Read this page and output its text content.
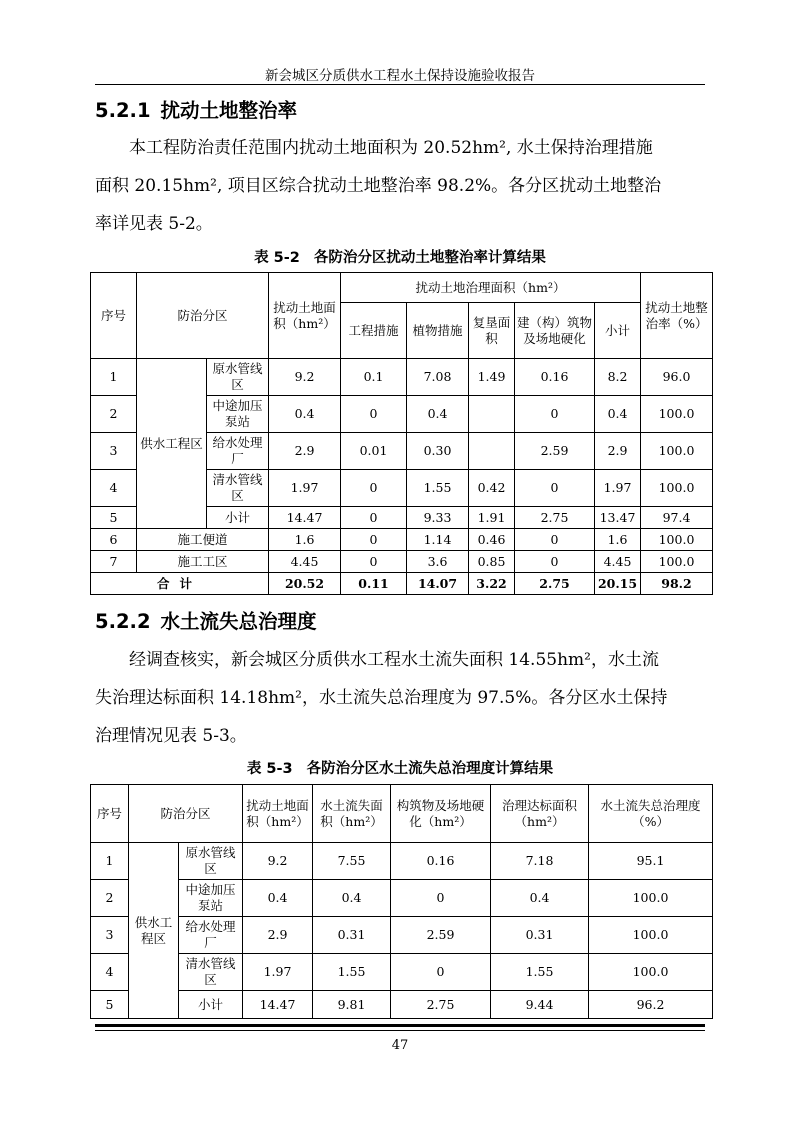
新会城区分质供水工程水土保持设施验收报告
5.2.1 扰动土地整治率
本工程防治责任范围内扰动土地面积为 20.52hm², 水土保持治理措施
面积 20.15hm², 项目区综合扰动土地整治率 98.2%。各分区扰动土地整治
率详见表 5-2。
表 5-2 各防治分区扰动土地整治率计算结果
序号	防治分区		扰动土地面积（hm²）	扰动土地治理面积（hm²）					扰动土地整治率（%）
				工程措施	植物措施	复垦面积	建（构）筑物及场地硬化	小计	
1	供水工程区	原水管线区	9.2	0.1	7.08	1.49	0.16	8.2	96.0
2		中途加压泵站	0.4	0	0.4		0	0.4	100.0
3		给水处理厂	2.9	0.01	0.30		2.59	2.9	100.0
4		清水管线区	1.97	0	1.55	0.42	0	1.97	100.0
5		小计	14.47	0	9.33	1.91	2.75	13.47	97.4
6	施工便道		1.6	0	1.14	0.46	0	1.6	100.0
7	施工工区		4.45	0	3.6	0.85	0	4.45	100.0
合计			20.52	0.11	14.07	3.22	2.75	20.15	98.2
5.2.2 水土流失总治理度
经调查核实，新会城区分质供水工程水土流失面积 14.55hm²，水土流
失治理达标面积 14.18hm²，水土流失总治理度为 97.5%。各分区水土保持
治理情况见表 5-3。
表 5-3 各防治分区水土流失总治理度计算结果
序号	防治分区		扰动土地面积（hm²）	水土流失面积（hm²）	构筑物及场地硬化（hm²）	治理达标面积（hm²）	水土流失总治理度（%）
1	供水工程区	原水管线区	9.2	7.55	0.16	7.18	95.1
2		中途加压泵站	0.4	0.4	0	0.4	100.0
3		给水处理厂	2.9	0.31	2.59	0.31	100.0
4		清水管线区	1.97	1.55	0	1.55	100.0
5		小计	14.47	9.81	2.75	9.44	96.2
47
